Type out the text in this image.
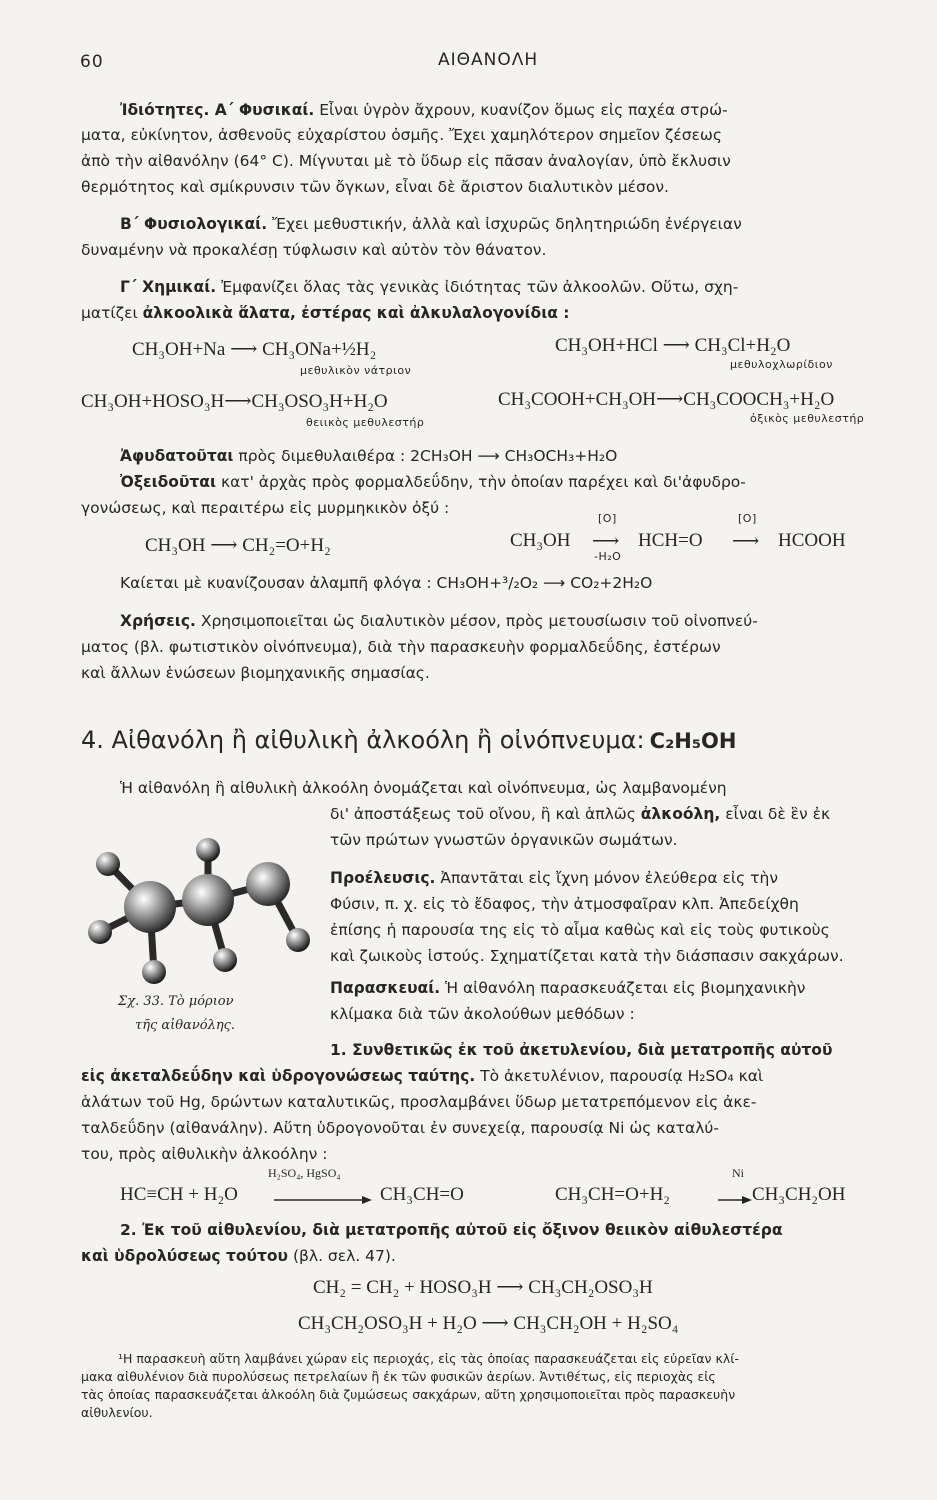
60	ΑΙΘΑΝΟΛΗ
Ἰδιότητες. Α΄ Φυσικαί. Εἶναι ὑγρὸν ἄχρουν, κυανίζον ὅμως εἰς παχέα στρώ-
ματα, εὐκίνητον, ἀσθενοῦς εὐχαρίστου ὀσμῆς. Ἔχει χαμηλότερον σημεῖον ζέσεως
ἀπὸ τὴν αἰθανόλην (64° C). Μίγνυται μὲ τὸ ὕδωρ εἰς πᾶσαν ἀναλογίαν, ὑπὸ ἔκλυσιν
θερμότητος καὶ σμίκρυνσιν τῶν ὄγκων, εἶναι δὲ ἄριστον διαλυτικὸν μέσον.
Β΄ Φυσιολογικαί. Ἔχει μεθυστικήν, ἀλλὰ καὶ ἰσχυρῶς δηλητηριώδη ἐνέργειαν
δυναμένην νὰ προκαλέσῃ τύφλωσιν καὶ αὐτὸν τὸν θάνατον.
Γ΄ Χημικαί. Ἐμφανίζει ὅλας τὰς γενικὰς ἰδιότητας τῶν ἀλκοολῶν. Οὕτω, σχη-
ματίζει ἀλκοολικὰ ἅλατα, ἐστέρας καὶ ἀλκυλαλογονίδια :
CH₃OH+Na ⟶ CH₃ONa+½H₂
μεθυλικὸν νάτριον
CH₃OH+HCl ⟶ CH₃Cl+H₂O
μεθυλοχλωρίδιον
CH₃OH+HOSO₃H⟶CH₃OSO₃H+H₂O
θειικὸς μεθυλεστήρ
CH₃COOH+CH₃OH⟶CH₃COOCH₃+H₂O
ὀξικὸς μεθυλεστήρ
Ἀφυδατοῦται πρὸς διμεθυλαιθέρα : 2CH₃OH ⟶ CH₃OCH₃+H₂O
Ὀξειδοῦται κατ' ἀρχὰς πρὸς φορμαλδεΰδην, τὴν ὁποίαν παρέχει καὶ δι'ἀφυδρο-
γονώσεως, καὶ περαιτέρω εἰς μυρμηκικὸν ὀξύ :
CH₃OH ⟶ CH₂=O+H₂	CH₃OH
[O]
⟶
-H₂O
HCH=O
[O]
⟶ HCOOH
Καίεται μὲ κυανίζουσαν ἀλαμπῆ φλόγα : CH₃OH+³/₂O₂ ⟶ CO₂+2H₂O
Χρήσεις. Χρησιμοποιεῖται ὡς διαλυτικὸν μέσον, πρὸς μετουσίωσιν τοῦ οἰνοπνεύ-
ματος (βλ. φωτιστικὸν οἰνόπνευμα), διὰ τὴν παρασκευὴν φορμαλδεΰδης, ἐστέρων
καὶ ἄλλων ἑνώσεων βιομηχανικῆς σημασίας.
4. Αἰθανόλη ἢ αἰθυλικὴ ἀλκοόλη ἢ οἰνόπνευμα: C₂H₅OH
Ἡ αἰθανόλη ἢ αἰθυλικὴ ἀλκοόλη ὀνομάζεται καὶ οἰνόπνευμα, ὡς λαμβανομένη
δι' ἀποστάξεως τοῦ οἴνου, ἢ καὶ ἁπλῶς ἀλκοόλη, εἶναι δὲ ἓν ἐκ
τῶν πρώτων γνωστῶν ὀργανικῶν σωμάτων.
Σχ. 33. Τὸ μόριον
τῆς αἰθανόλης.
Προέλευσις. Ἀπαντᾶται εἰς ἴχνη μόνον ἐλεύθερα εἰς τὴν
Φύσιν, π. χ. εἰς τὸ ἔδαφος, τὴν ἀτμοσφαῖραν κλπ. Ἀπεδείχθη
ἐπίσης ἡ παρουσία της εἰς τὸ αἷμα καθὼς καὶ εἰς τοὺς φυτικοὺς
καὶ ζωικοὺς ἱστούς. Σχηματίζεται κατὰ τὴν διάσπασιν σακχάρων.
Παρασκευαί. Ἡ αἰθανόλη παρασκευάζεται εἰς βιομηχανικὴν
κλίμακα διὰ τῶν ἀκολούθων μεθόδων :
1. Συνθετικῶς ἐκ τοῦ ἀκετυλενίου, διὰ μετατροπῆς αὐτοῦ
εἰς ἀκεταλδεΰδην καὶ ὑδρογονώσεως ταύτης. Τὸ ἀκετυλένιον, παρουσίᾳ H₂SO₄ καὶ
ἁλάτων τοῦ Hg, δρώντων καταλυτικῶς, προσλαμβάνει ὕδωρ μετατρεπόμενον εἰς ἀκε-
ταλδεΰδην (αἰθανάλην). Αὕτη ὑδρογονοῦται ἐν συνεχείᾳ, παρουσίᾳ Ni ὡς καταλύ-
του, πρὸς αἰθυλικὴν ἀλκοόλην :
H₂SO₄, HgSO₄
HC≡CH + H₂O	CH₃CH=O
Ni
CH₃CH=O+H₂	CH₃CH₂OH
2. Ἐκ τοῦ αἰθυλενίου, διὰ μετατροπῆς αὐτοῦ εἰς ὄξινον θειικὸν αἰθυλεστέρα
καὶ ὑδρολύσεως τούτου (βλ. σελ. 47).
CH₂ = CH₂ + HOSO₃H ⟶ CH₃CH₂OSO₃H
CH₃CH₂OSO₃H + H₂O ⟶ CH₃CH₂OH + H₂SO₄
¹Η παρασκευὴ αὕτη λαμβάνει χώραν εἰς περιοχάς, εἰς τὰς ὁποίας παρασκευάζεται εἰς εὐρεῖαν κλί-
μακα αἰθυλένιον διὰ πυρολύσεως πετρελαίων ἢ ἐκ τῶν φυσικῶν ἀερίων. Ἀντιθέτως, εἰς περιοχὰς εἰς
τὰς ὁποίας παρασκευάζεται ἀλκοόλη διὰ ζυμώσεως σακχάρων, αὕτη χρησιμοποιεῖται πρὸς παρασκευὴν
αἰθυλενίου.
